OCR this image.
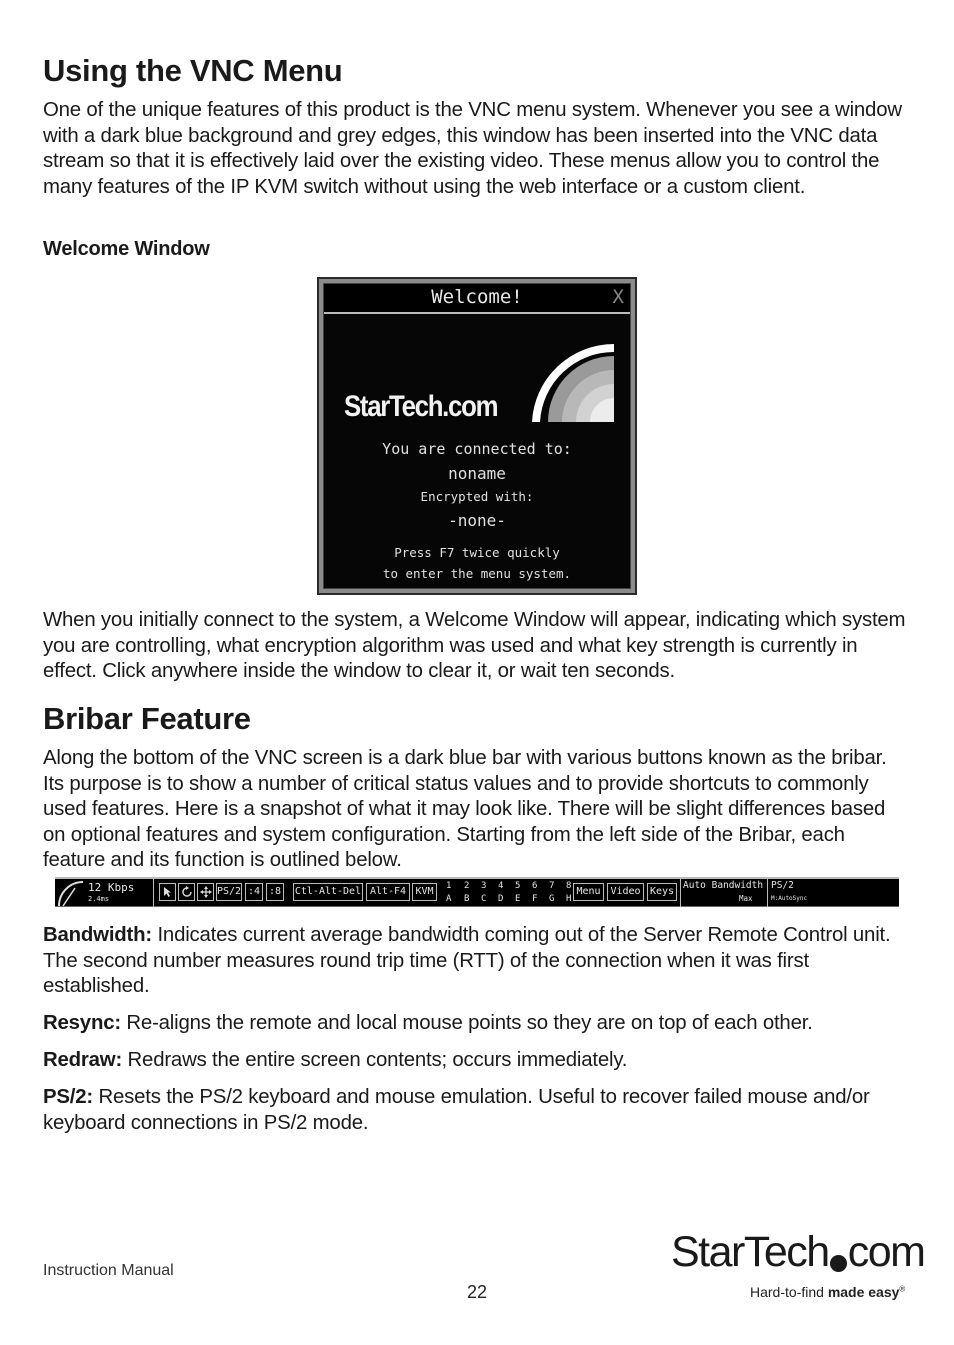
Using the VNC Menu

One of the unique features of this product is the VNC menu system. Whenever you see a window with a dark blue background and grey edges, this window has been inserted into the VNC data stream so that it is effectively laid over the existing video. These menus allow you to control the many features of the IP KVM switch without using the web interface or a custom client.

Welcome Window

When you initially connect to the system, a Welcome Window will appear, indicating which system you are controlling, what encryption algorithm was used and what key strength is currently in effect. Click anywhere inside the window to clear it, or wait ten seconds.

Bribar Feature

Along the bottom of the VNC screen is a dark blue bar with various buttons known as the bribar. Its purpose is to show a number of critical status values and to provide shortcuts to commonly used features. Here is a snapshot of what it may look like. There will be slight differences based on optional features and system configuration. Starting from the left side of the Bribar, each feature and its function is outlined below.

Bandwidth: Indicates current average bandwidth coming out of the Server Remote Control unit. The second number measures round trip time (RTT) of the connection when it was first established.

Resync: Re-aligns the remote and local mouse points so they are on top of each other.

Redraw: Redraws the entire screen contents; occurs immediately.

PS/2: Resets the PS/2 keyboard and mouse emulation. Useful to recover failed mouse and/or keyboard connections in PS/2 mode.

Welcome!	X
StarTech.com
You are connected to:
noname
Encrypted with:
-none-
Press F7 twice quickly
to enter the menu system.
12 Kbps
2.4ms
PS/2 :4 :8 Ctl-Alt-Del Alt-F4 KVM	1 2 3 4 5 6 7 8
A B C D E F G H
Menu Video Keys
Auto Bandwidth
Max
PS/2
M:AutoSync
Instruction Manual
22
StarTech com
Hard-to-find made easy®
